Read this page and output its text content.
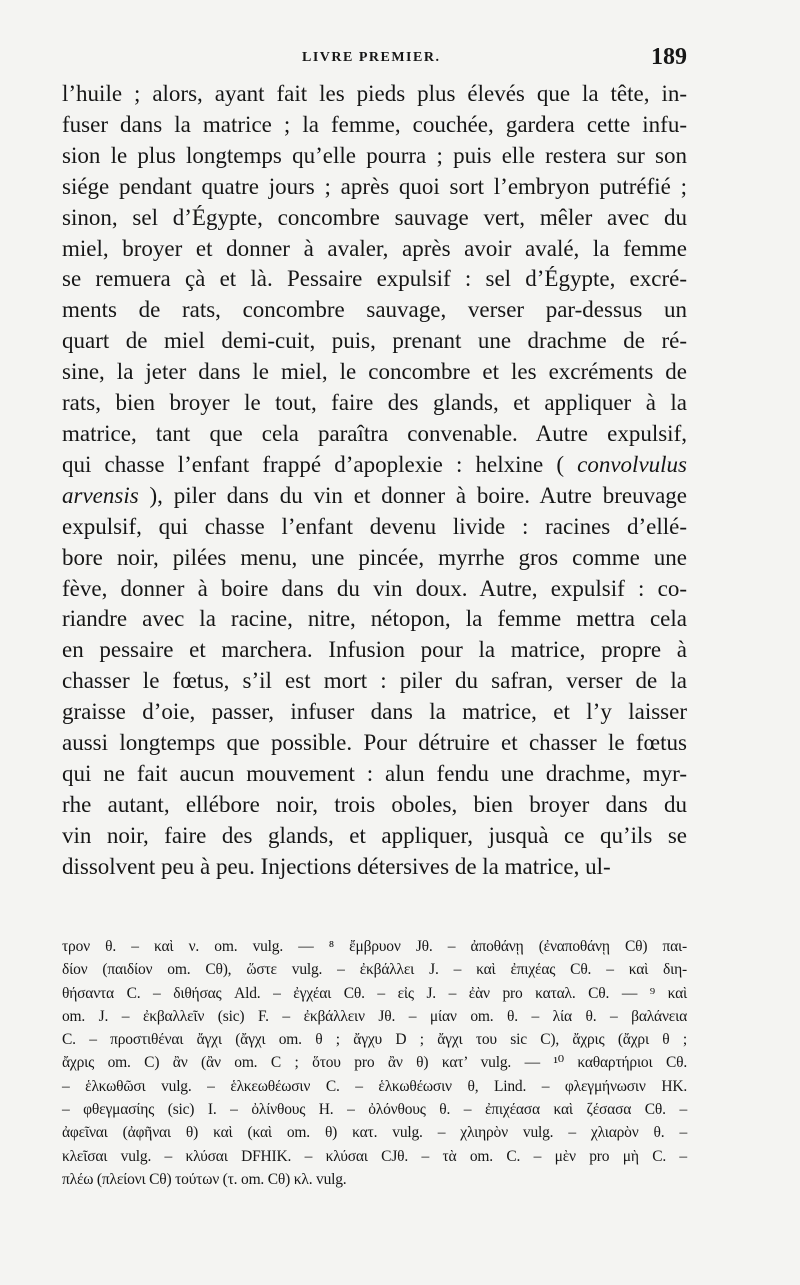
LIVRE PREMIER.	189
l’huile ; alors, ayant fait les pieds plus élevés que la tête, in-
fuser dans la matrice ; la femme, couchée, gardera cette infu-
sion le plus longtemps qu’elle pourra ; puis elle restera sur son
siége pendant quatre jours ; après quoi sort l’embryon putréfié ;
sinon, sel d’Égypte, concombre sauvage vert, mêler avec du
miel, broyer et donner à avaler, après avoir avalé, la femme
se remuera çà et là. Pessaire expulsif : sel d’Égypte, excré-
ments de rats, concombre sauvage, verser par-dessus un
quart de miel demi-cuit, puis, prenant une drachme de ré-
sine, la jeter dans le miel, le concombre et les excréments de
rats, bien broyer le tout, faire des glands, et appliquer à la
matrice, tant que cela paraîtra convenable. Autre expulsif,
qui chasse l’enfant frappé d’apoplexie : helxine ( convolvulus
arvensis ), piler dans du vin et donner à boire. Autre breuvage
expulsif, qui chasse l’enfant devenu livide : racines d’ellé-
bore noir, pilées menu, une pincée, myrrhe gros comme une
fève, donner à boire dans du vin doux. Autre, expulsif : co-
riandre avec la racine, nitre, nétopon, la femme mettra cela
en pessaire et marchera. Infusion pour la matrice, propre à
chasser le fœtus, s’il est mort : piler du safran, verser de la
graisse d’oie, passer, infuser dans la matrice, et l’y laisser
aussi longtemps que possible. Pour détruire et chasser le fœtus
qui ne fait aucun mouvement : alun fendu une drachme, myr-
rhe autant, ellébore noir, trois oboles, bien broyer dans du
vin noir, faire des glands, et appliquer, jusquà ce qu’ils se
dissolvent peu à peu. Injections détersives de la matrice, ul-
τρον θ. – καὶ ν. om. vulg. — ⁸ ἔμβρυον Jθ. – ἀποθάνῃ (ἐναποθάνῃ Cθ) παι-
δίον (παιδίον om. Cθ), ὥστε vulg. – ἐκβάλλει J. – καὶ ἐπιχέας Cθ. – καὶ διη-
θήσαντα C. – διθήσας Ald. – ἐγχέαι Cθ. – εἰς J. – ἐὰν pro καταλ. Cθ. — ⁹ καὶ
om. J. – ἐκβαλλεῖν (sic) F. – ἐκβάλλειν Jθ. – μίαν om. θ. – λία θ. – βαλάνεια
C. – προστιθέναι ἄγχι (ἄγχι om. θ ; ἄγχυ D ; ἄγχι του sic C), ἄχρις (ἄχρι θ ;
ἄχρις om. C) ἂν (ἂν om. C ; ὅτου pro ἂν θ) κατ’ vulg. — ¹⁰ καθαρτήριοι Cθ.
– ἑλκωθῶσι vulg. – ἑλκεωθέωσιν C. – ἑλκωθέωσιν θ, Lind. – φλεγμήνωσιν HK.
– φθεγμασίης (sic) I. – ὀλίνθους H. – ὀλόνθους θ. – ἐπιχέασα καὶ ζέσασα Cθ. –
ἀφεῖναι (ἀφῆναι θ) καὶ (καὶ om. θ) κατ. vulg. – χλιηρὸν vulg. – χλιαρὸν θ. –
κλεῖσαι vulg. – κλύσαι DFHIK. – κλύσαι CJθ. – τὰ om. C. – μὲν pro μὴ C. –
πλέω (πλείονι Cθ) τούτων (τ. om. Cθ) κλ. vulg.
